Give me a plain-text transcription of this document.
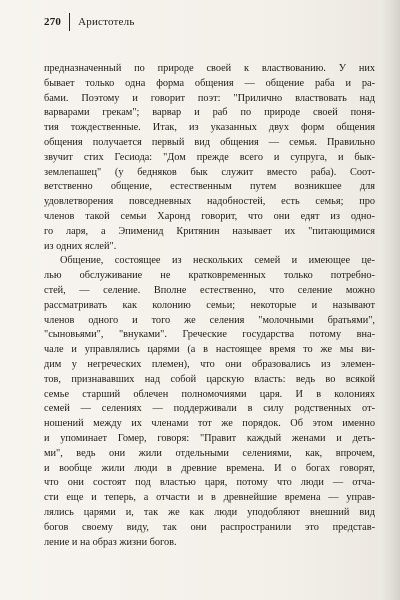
270 Аристотель
предназначенный по природе своей к властвованию. У них
бывает только одна форма общения — общение раба и ра-
бами. Поэтому и говорит поэт: "Прилично властвовать над
варварами грекам"; варвар и раб по природе своей поня-
тия тождественные. Итак, из указанных двух форм общения
общения получается первый вид общения — семья. Правильно
звучит стих Гесиода: "Дом прежде всего и супруга, и бык-
землепашец" (у бедняков бык служит вместо раба). Соот-
ветственно общение, естественным путем возникшее для
удовлетворения повседневных надобностей, есть семья; про
членов такой семьи Харонд говорит, что они едят из одно-
го ларя, а Эпименид Критянин называет их "питающимися
из одних яслей".
Общение, состоящее из нескольких семей и имеющее це-
лью обслуживание не кратковременных только потребно-
стей, — селение. Вполне естественно, что селение можно
рассматривать как колонию семьи; некоторые и называют
членов одного и того же селения "молочными братьями",
"сыновьями", "внуками". Греческие государства потому вна-
чале и управлялись царями (а в настоящее время то же мы ви-
дим у негреческих племен), что они образовались из элемен-
тов, признававших над собой царскую власть: ведь во всякой
семье старший облечен полномочиями царя. И в колониях
семей — селениях — поддерживали в силу родственных от-
ношений между их членами тот же порядок. Об этом именно
и упоминает Гомер, говоря: "Правит каждый женами и деть-
ми", ведь они жили отдельными селениями, как, впрочем,
и вообще жили люди в древние времена. И о богах говорят,
что они состоят под властью царя, потому что люди — отча-
сти еще и теперь, а отчасти и в древнейшие времена — управ-
лялись царями и, так же как люди уподобляют внешний вид
богов своему виду, так они распространили это представ-
ление и на образ жизни богов.
